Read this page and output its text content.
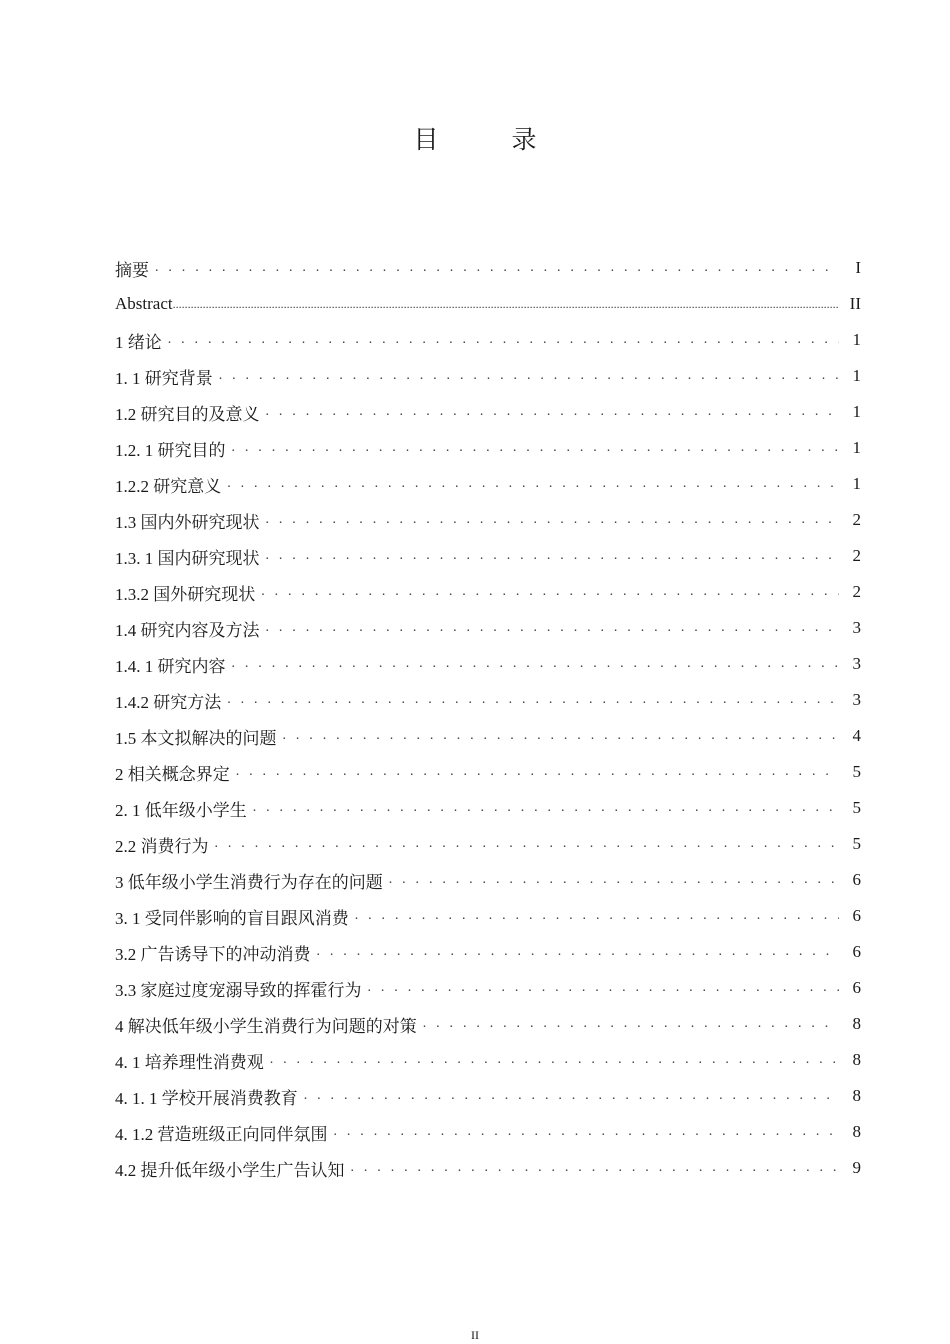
目　录
摘要 . . .	I
Abstract .....	II
1 绪论 . . .	1
1. 1 研究背景 . . .	1
1.2 研究目的及意义 . . .	1
1.2. 1 研究目的 . . .	1
1.2.2 研究意义 . . .	1
1.3 国内外研究现状 . . .	2
1.3. 1 国内研究现状 . . .	2
1.3.2 国外研究现状 . . .	2
1.4 研究内容及方法 . . .	3
1.4. 1 研究内容 . . .	3
1.4.2 研究方法 . . .	3
1.5 本文拟解决的问题 . . .	4
2 相关概念界定 . . .	5
2. 1 低年级小学生 . . .	5
2.2 消费行为 . . .	5
3 低年级小学生消费行为存在的问题 . . .	6
3. 1 受同伴影响的盲目跟风消费 . . .	6
3.2 广告诱导下的冲动消费 . . .	6
3.3 家庭过度宠溺导致的挥霍行为 . . .	6
4 解决低年级小学生消费行为问题的对策 . . .	8
4. 1 培养理性消费观 . . .	8
4. 1. 1 学校开展消费教育 . . .	8
4. 1.2 营造班级正向同伴氛围 . . .	8
4.2 提升低年级小学生广告认知 . . .	9
II
